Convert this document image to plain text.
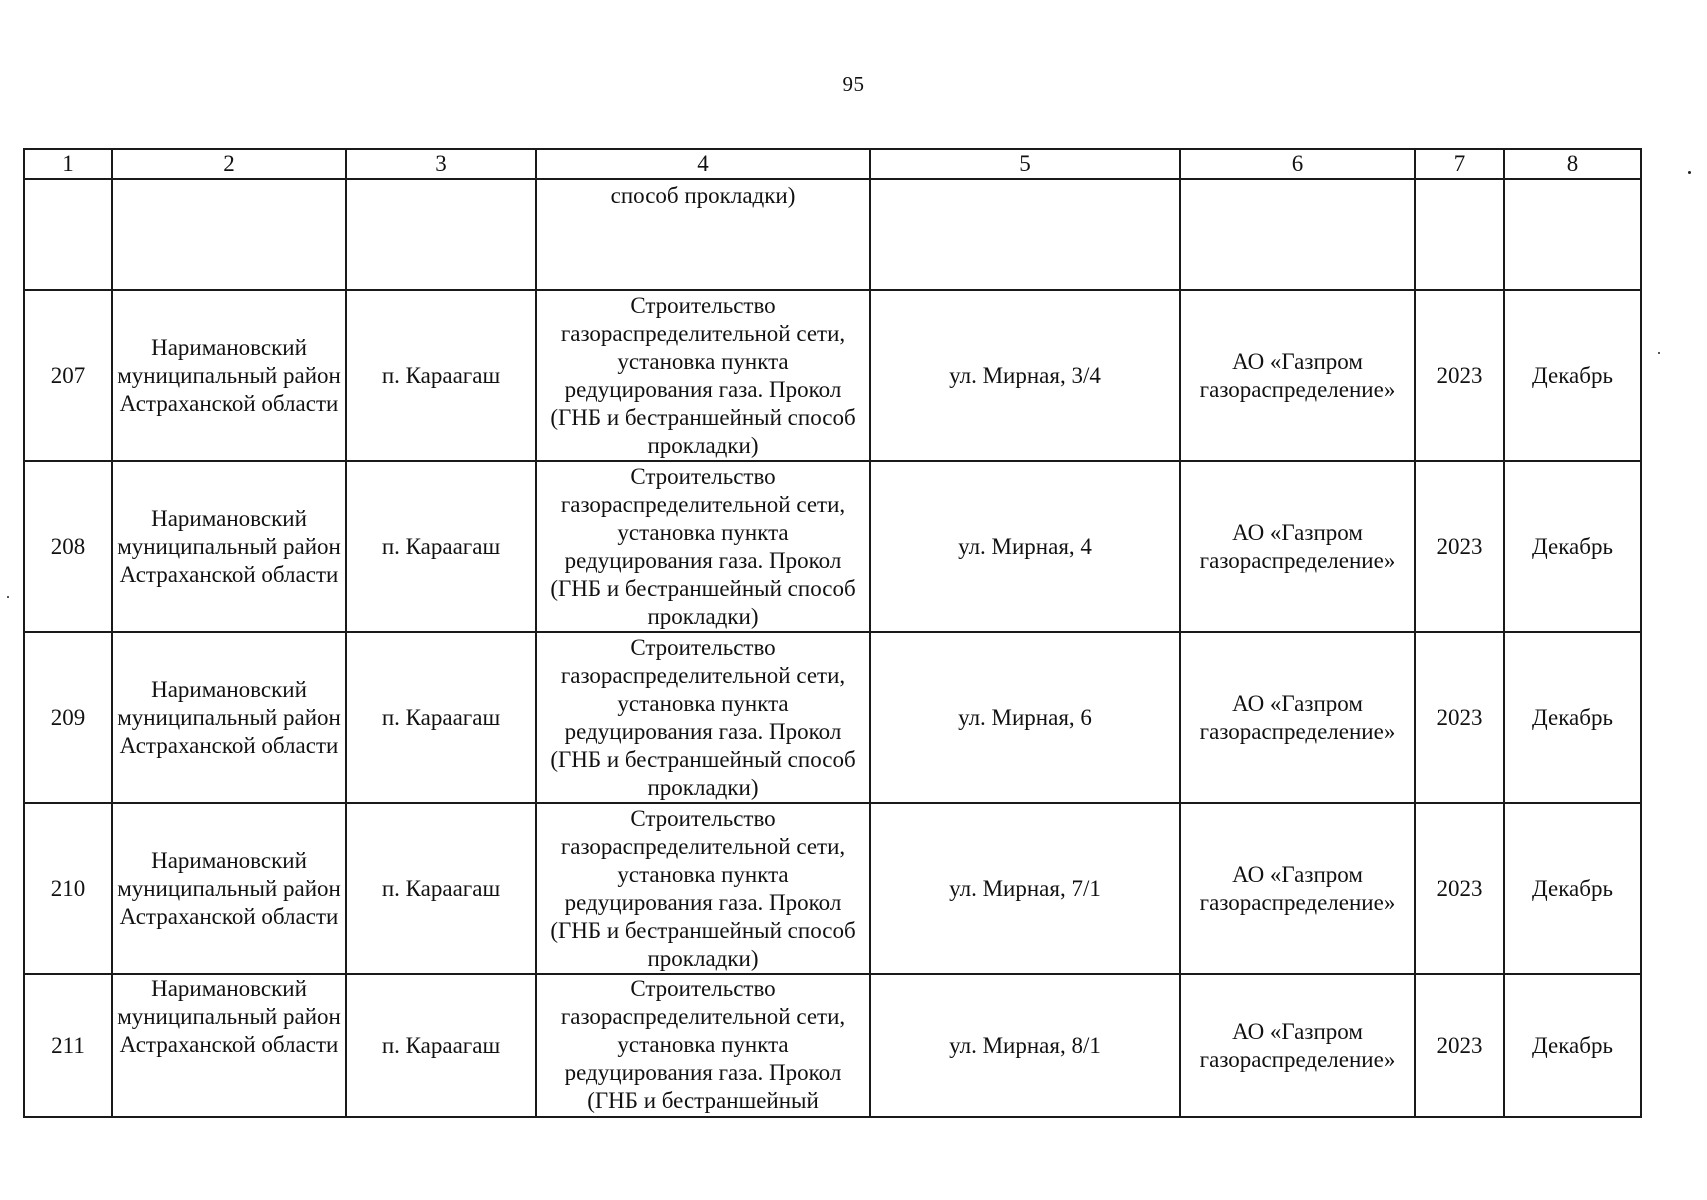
95
1	2	3	4	5	6	7	8
			способ прокладки)				
207	Наримановский муниципальный район Астраханской области	п. Караагаш	Строительство газораспределительной сети, установка пункта редуцирования газа. Прокол (ГНБ и бестраншейный способ прокладки)	ул. Мирная, 3/4	АО «Газпром газораспределение»	2023	Декабрь
208	Наримановский муниципальный район Астраханской области	п. Караагаш	Строительство газораспределительной сети, установка пункта редуцирования газа. Прокол (ГНБ и бестраншейный способ прокладки)	ул. Мирная, 4	АО «Газпром газораспределение»	2023	Декабрь
209	Наримановский муниципальный район Астраханской области	п. Караагаш	Строительство газораспределительной сети, установка пункта редуцирования газа. Прокол (ГНБ и бестраншейный способ прокладки)	ул. Мирная, 6	АО «Газпром газораспределение»	2023	Декабрь
210	Наримановский муниципальный район Астраханской области	п. Караагаш	Строительство газораспределительной сети, установка пункта редуцирования газа. Прокол (ГНБ и бестраншейный способ прокладки)	ул. Мирная, 7/1	АО «Газпром газораспределение»	2023	Декабрь
211	Наримановский муниципальный район Астраханской области	п. Караагаш	Строительство газораспределительной сети, установка пункта редуцирования газа. Прокол (ГНБ и бестраншейный	ул. Мирная, 8/1	АО «Газпром газораспределение»	2023	Декабрь
